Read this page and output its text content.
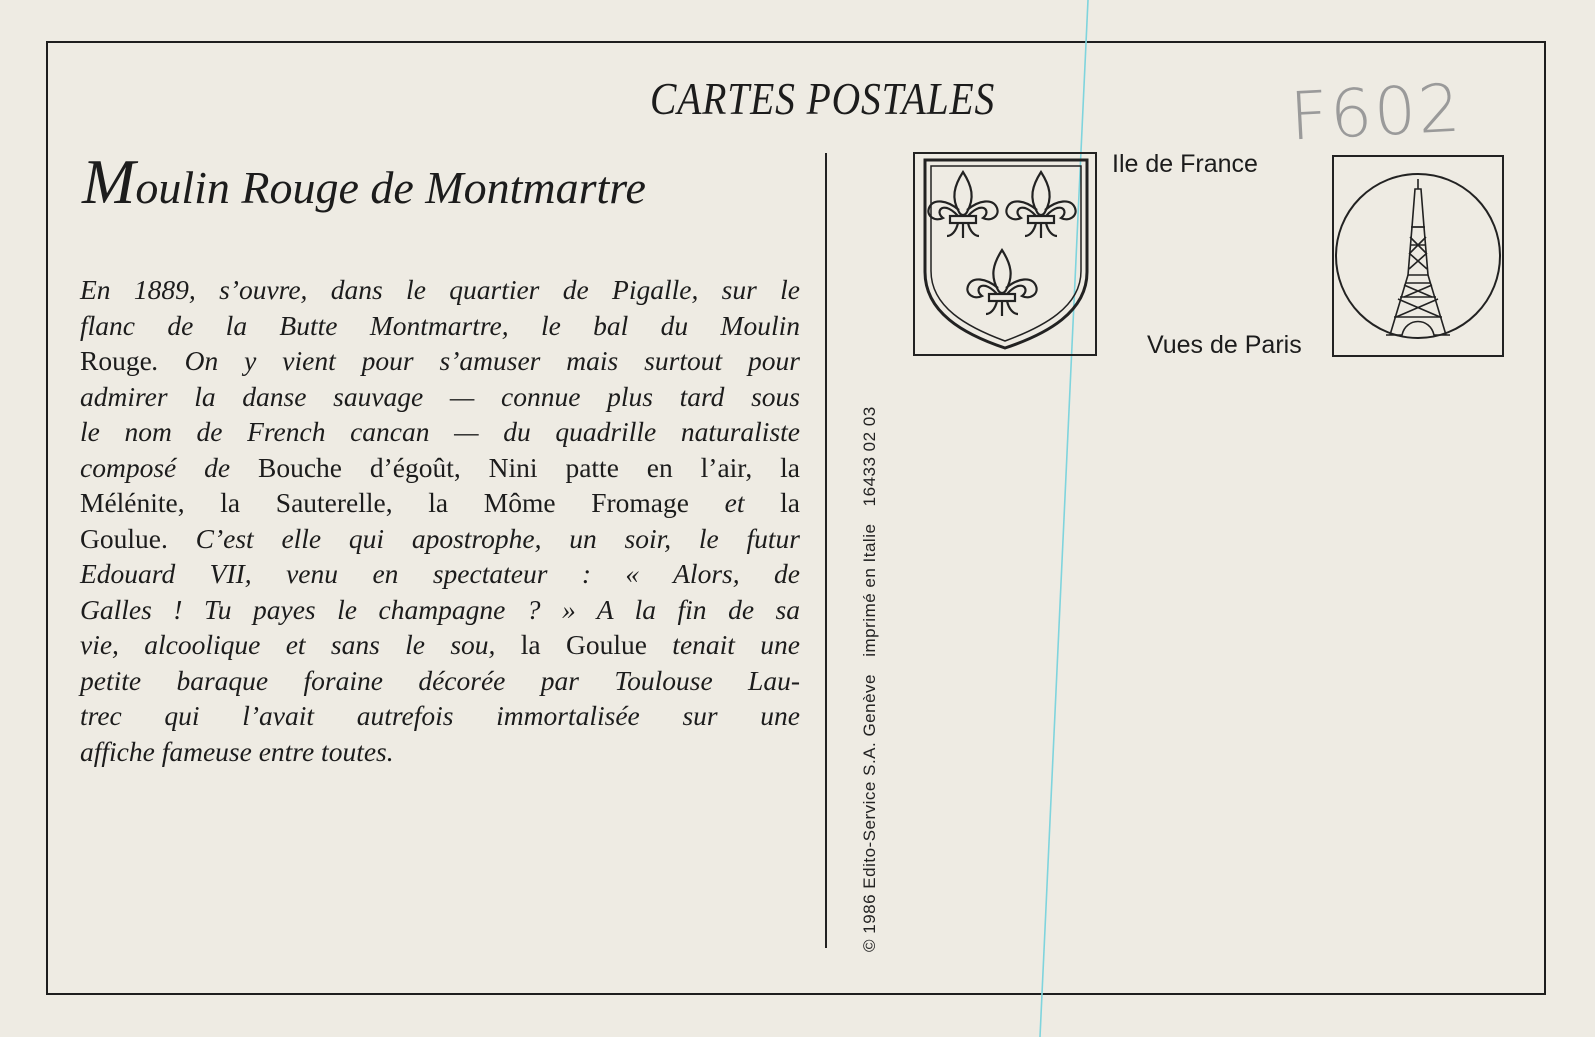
CARTES POSTALES	F602
Moulin Rouge de Montmartre
En 1889, s’ouvre, dans le quartier de Pigalle, sur le
flanc de la Butte Montmartre, le bal du Moulin
Rouge. On y vient pour s’amuser mais surtout pour
admirer la danse sauvage — connue plus tard sous
le nom de French cancan — du quadrille naturaliste
composé de Bouche d’égoût, Nini patte en l’air, la
Mélénite, la Sauterelle, la Môme Fromage et la
Goulue. C’est elle qui apostrophe, un soir, le futur
Edouard VII, venu en spectateur : « Alors, de
Galles ! Tu payes le champagne ? » A la fin de sa
vie, alcoolique et sans le sou, la Goulue tenait une
petite baraque foraine décorée par Toulouse Lau-
trec qui l’avait autrefois immortalisée sur une
affiche fameuse entre toutes.	© 1986 Edito-Service S.A. Genève imprimé en Italie 16433 02 03
Ile de France
Vues de Paris
